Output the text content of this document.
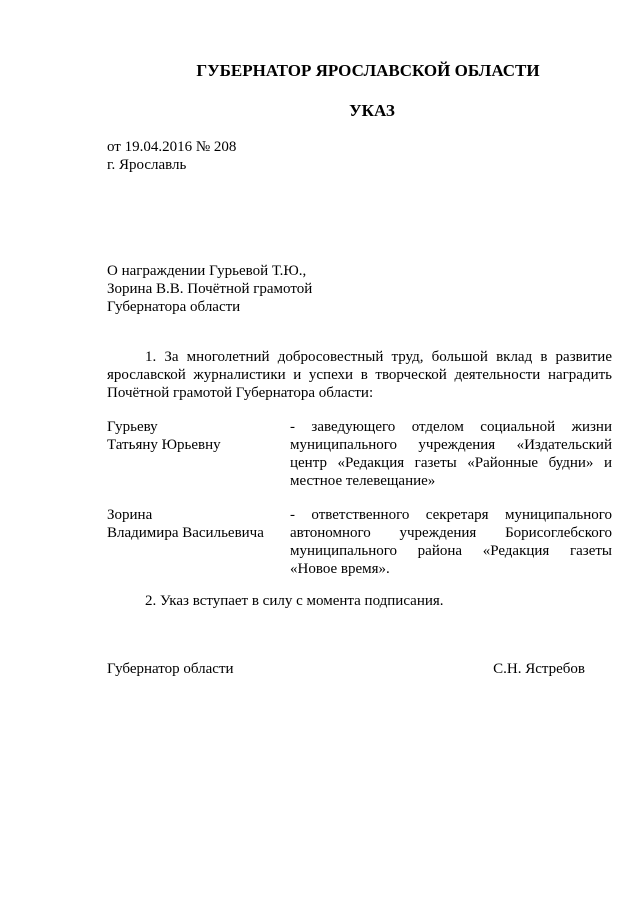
ГУБЕРНАТОР ЯРОСЛАВСКОЙ ОБЛАСТИ
УКАЗ
от 19.04.2016 № 208
г. Ярославль
О награждении Гурьевой Т.Ю.,
Зорина В.В. Почётной грамотой
Губернатора области
1. За многолетний добросовестный труд, большой вклад в развитие ярославской журналистики и успехи в творческой деятельности наградить Почётной грамотой Губернатора области:
Гурьеву
Татьяну Юрьевну
- заведующего отделом социальной жизни муниципального учреждения «Издательский центр «Редакция газеты «Районные будни» и местное телевещание»
Зорина
Владимира Васильевича
- ответственного секретаря муниципального автономного учреждения Борисоглебского муниципального района «Редакция газеты «Новое время».
2. Указ вступает в силу с момента подписания.
Губернатор области	С.Н. Ястребов
